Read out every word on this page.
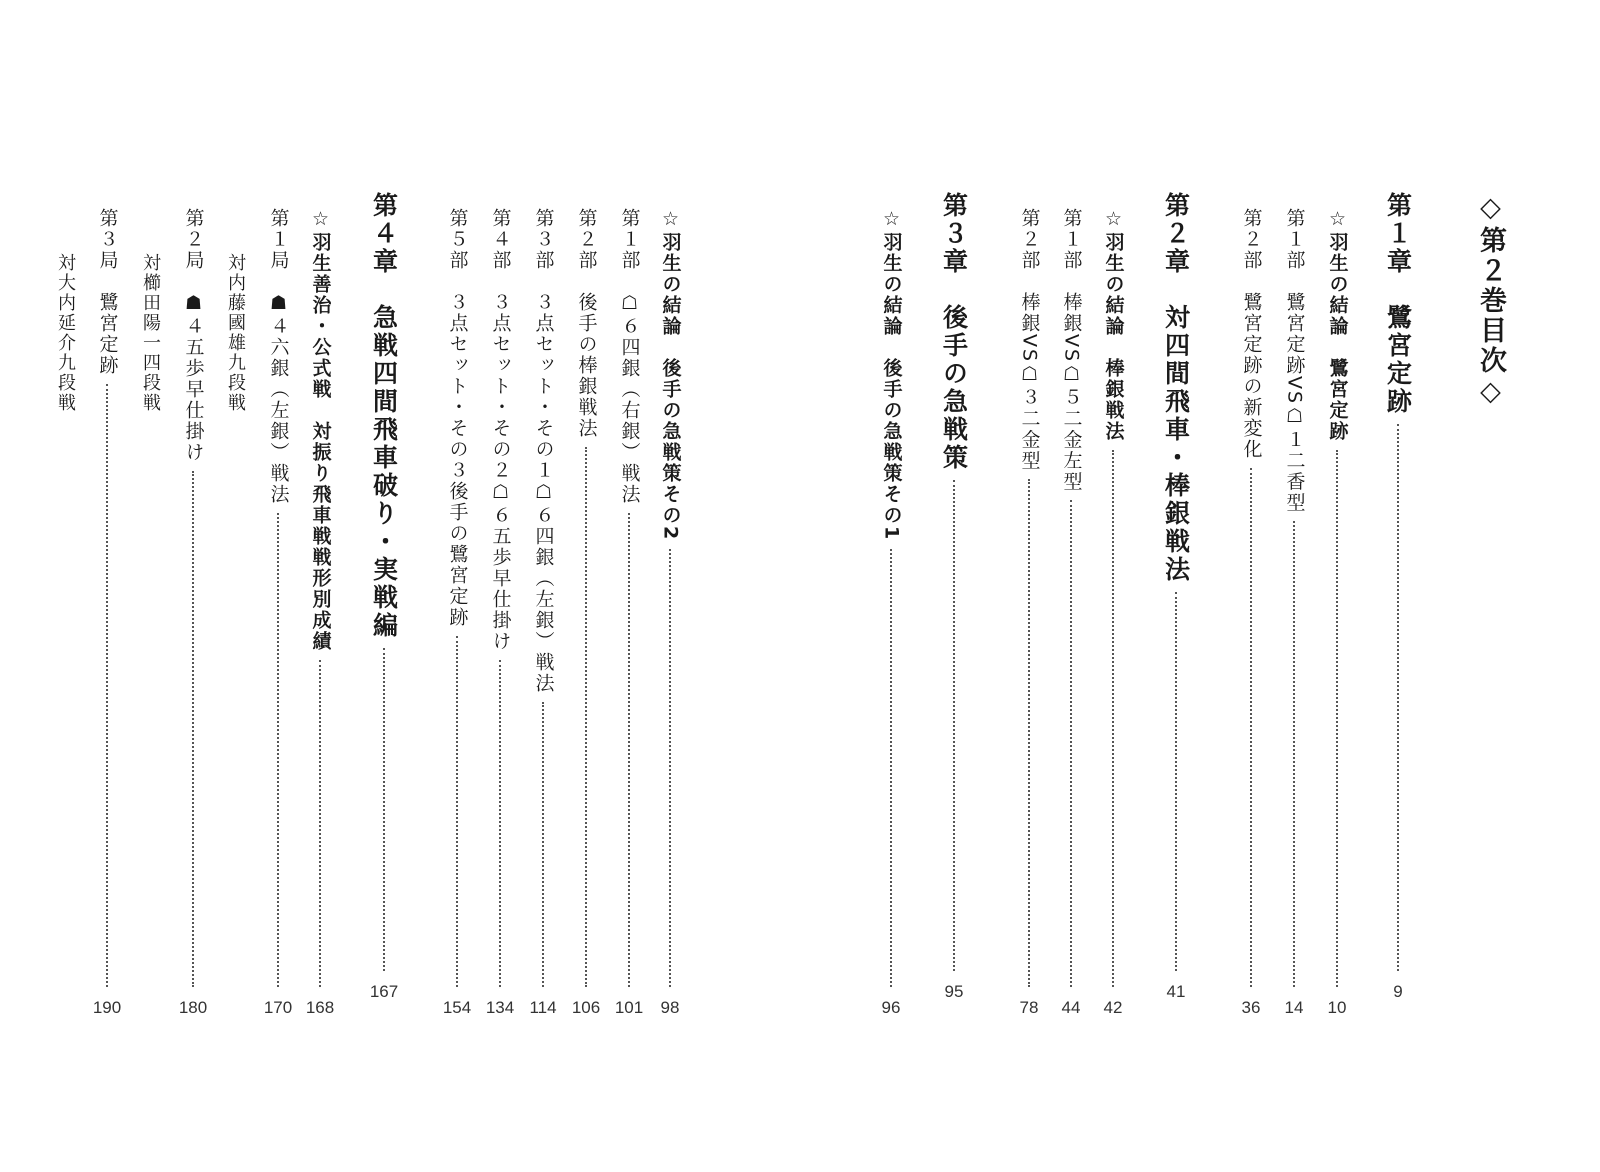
◇第２巻目次◇
第１章　鷺宮定跡
9
☆羽生の結論　鷺宮定跡
10
第１部　鷺宮定跡VS☖１二香型
14
第２部　鷺宮定跡の新変化
36
第２章　対四間飛車・棒銀戦法
41
☆羽生の結論　棒銀戦法
42
第１部　棒銀VS☖５二金左型
44
第２部　棒銀VS☖３二金型
78
第３章　後手の急戦策
95
☆羽生の結論　後手の急戦策その1
96
☆羽生の結論　後手の急戦策その2
98
第１部　☖６四銀（右銀）戦法
101
第２部　後手の棒銀戦法
106
第３部　３点セット・その１☖６四銀（左銀）戦法
114
第４部　３点セット・その２☖６五歩早仕掛け
134
第５部　３点セット・その３後手の鷺宮定跡
154
第４章　急戦四間飛車破り・実戦編
167
☆羽生善治・公式戦　対振り飛車戦戦形別成績
168
第１局　☗４六銀（左銀）戦法
170
対内藤國雄九段戦
第２局　☗４五歩早仕掛け
180
対櫛田陽一四段戦
第３局　鷺宮定跡
190
対大内延介九段戦
